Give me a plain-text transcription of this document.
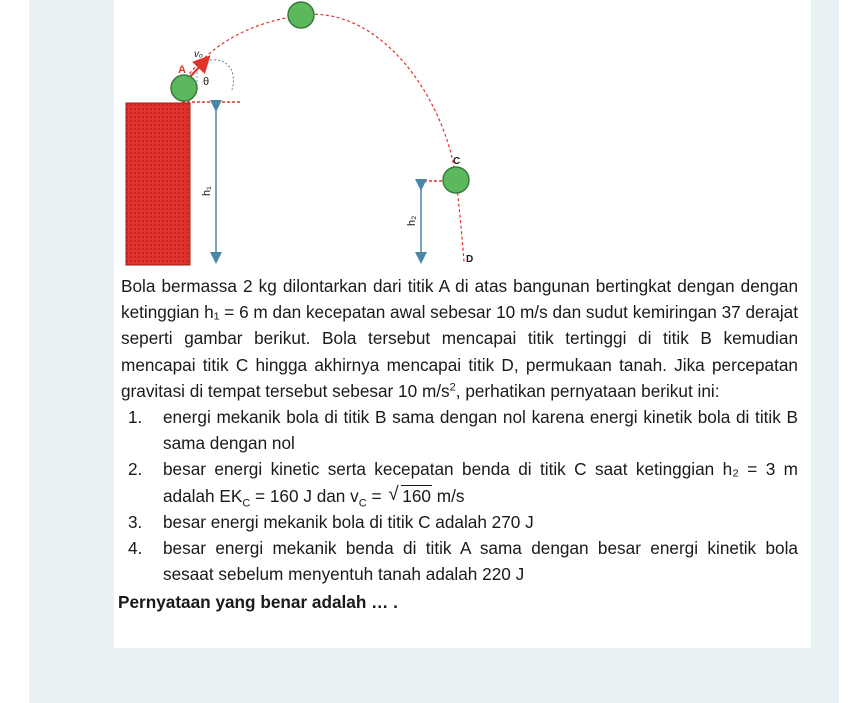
vₒ
A
θ
C
D
h₁
h₂

Bola bermassa 2 kg dilontarkan dari titik A di atas bangunan bertingkat dengan dengan ketinggian h₁ = 6 m dan kecepatan awal sebesar 10 m/s dan sudut kemiringan 37 derajat seperti gambar berikut. Bola tersebut mencapai titik tertinggi di titik B kemudian mencapai titik C hingga akhirnya mencapai titik D, permukaan tanah. Jika percepatan gravitasi di tempat tersebut sebesar 10 $m/s^2$, perhatikan pernyataan berikut ini:

1. energi mekanik bola di titik B sama dengan nol karena energi kinetik bola di titik B sama dengan nol
2. besar energi kinetic serta kecepatan benda di titik C saat ketinggian h₂ = 3 m adalah $EK_C = 160$ J dan $v_C$ = √ 160 m/s
3. besar energi mekanik bola di titik C adalah 270 J
4. besar energi mekanik benda di titik A sama dengan besar energi kinetik bola sesaat sebelum menyentuh tanah adalah 220 J
Pernyataan yang benar adalah … .
